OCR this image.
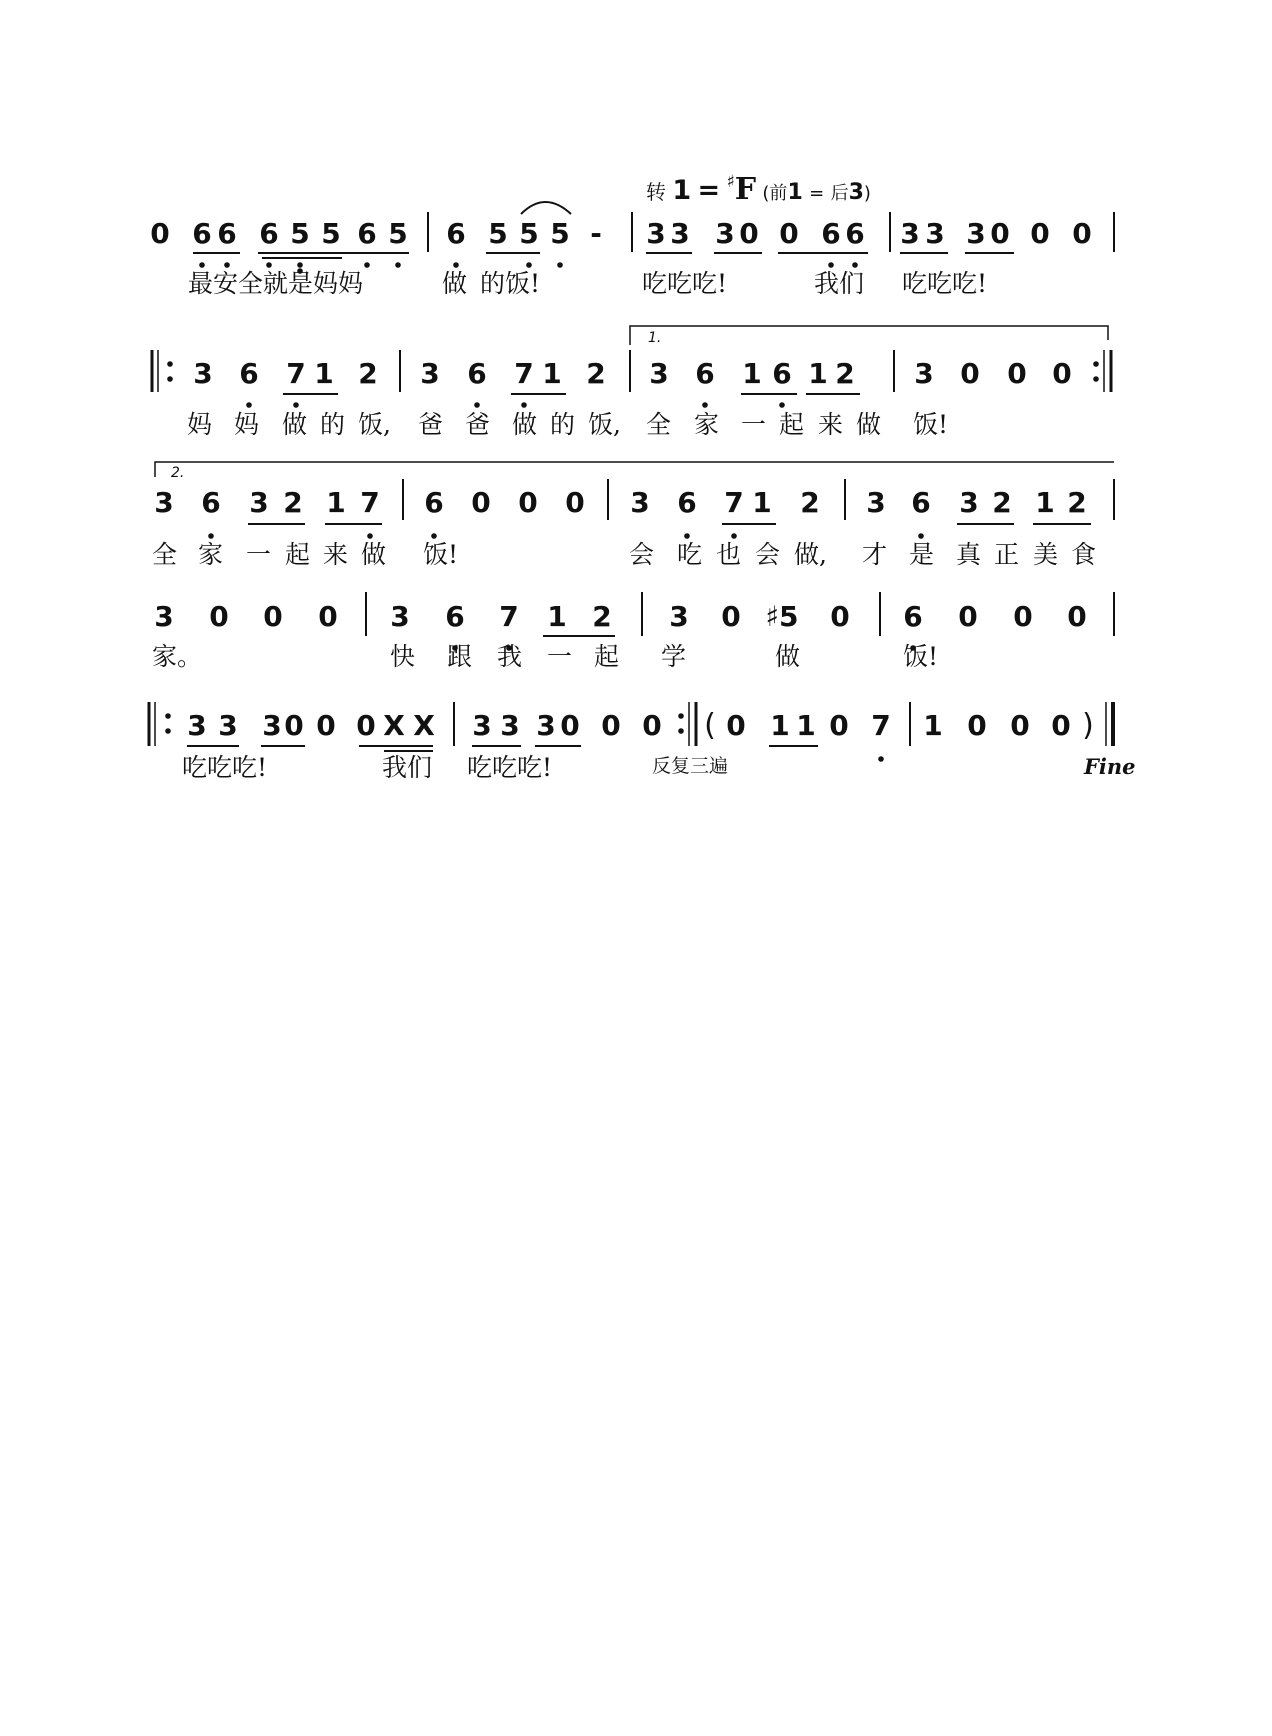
转 1 = ♯F (前1 = 后3)
0 6 6 6 5 5 6 5 6 5 5 5 - 3 3 3 0 0 6 6 3 3 3 0 0 0
最安全就是妈妈	做 的饭!	吃吃吃!	我们 吃吃吃!
1.
3 6 7 1 2 3 6 7 1 2 3 6 1 6 1 2 3 0 0 0
妈 妈 做 的 饭, 爸 爸 做 的 饭, 全 家 一 起 来 做 饭!
2.
3 6 3 2 1 7 6 0 0 0 3 6 7 1 2 3 6 3 2 1 2
全 家 一 起 来 做 饭!	会 吃 也 会 做, 才 是 真 正 美 食
3 0 0 0 3 6 7 1 2 3 0 ♯5 0 6 0 0 0
家。	快 跟 我 一 起 学	做	饭!
3 3 3 0 0 0 X X 3 3 3 0 0 0 ( 0 1 1 0 7 1 0 0 0 )
吃吃吃!	我们 吃吃吃!	反复三遍	Fine
